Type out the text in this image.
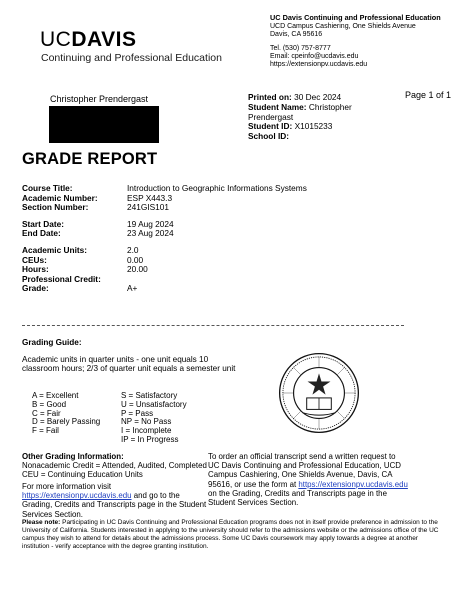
UCDAVIS
Continuing and Professional Education
UC Davis Continuing and Professional Education
UCD Campus Cashiering, One Shields Avenue
Davis, CA 95616
Tel. (530) 757-8777
Email: cpeinfo@ucdavis.edu
https://extensionpv.ucdavis.edu
Page 1 of 1
Christopher Prendergast	Printed on: 30 Dec 2024
Student Name: Christopher Prendergast
Student ID: X1015233
School ID:
GRADE REPORT
Course Title:	Introduction to Geographic Informations Systems
Academic Number:	ESP X443.3
Section Number:	241GIS101
Start Date:	19 Aug 2024
End Date:	23 Aug 2024
Academic Units:	2.0
CEUs:	0.00
Hours:	20.00
Professional Credit:
Grade:	A+
Grading Guide:
Academic units in quarter units - one unit equals 10 classroom hours; 2/3 of quarter unit equals a semester unit
A = Excellent
B = Good
C = Fair
D = Barely Passing
F = Fail
S = Satisfactory
U = Unsatisfactory
P = Pass
NP = No Pass
I = Incomplete
IP = In Progress
Other Grading Information:
Nonacademic Credit = Attended, Audited, Completed
CEU = Continuing Education Units
For more information visit
https://extensionpv.ucdavis.edu and go to the Grading, Credits and Transcripts page in the Student Services Section.
To order an official transcript send a written request to UC Davis Continuing and Professional Education, UCD Campus Cashiering, One Shields Avenue, Davis, CA 95616, or use the form at https://extensionpv.ucdavis.edu on the Grading, Credits and Transcripts page in the Student Services Section.
Please note: Participating in UC Davis Continuing and Professional Education programs does not in itself provide preference in admission to the University of California. Students interested in applying to the university should refer to the admissions website or the admissions office of the UC campus they wish to attend for details about the admissions process. Some UC Davis coursework may apply towards a degree at another institution - verify acceptance with the degree granting institution.
